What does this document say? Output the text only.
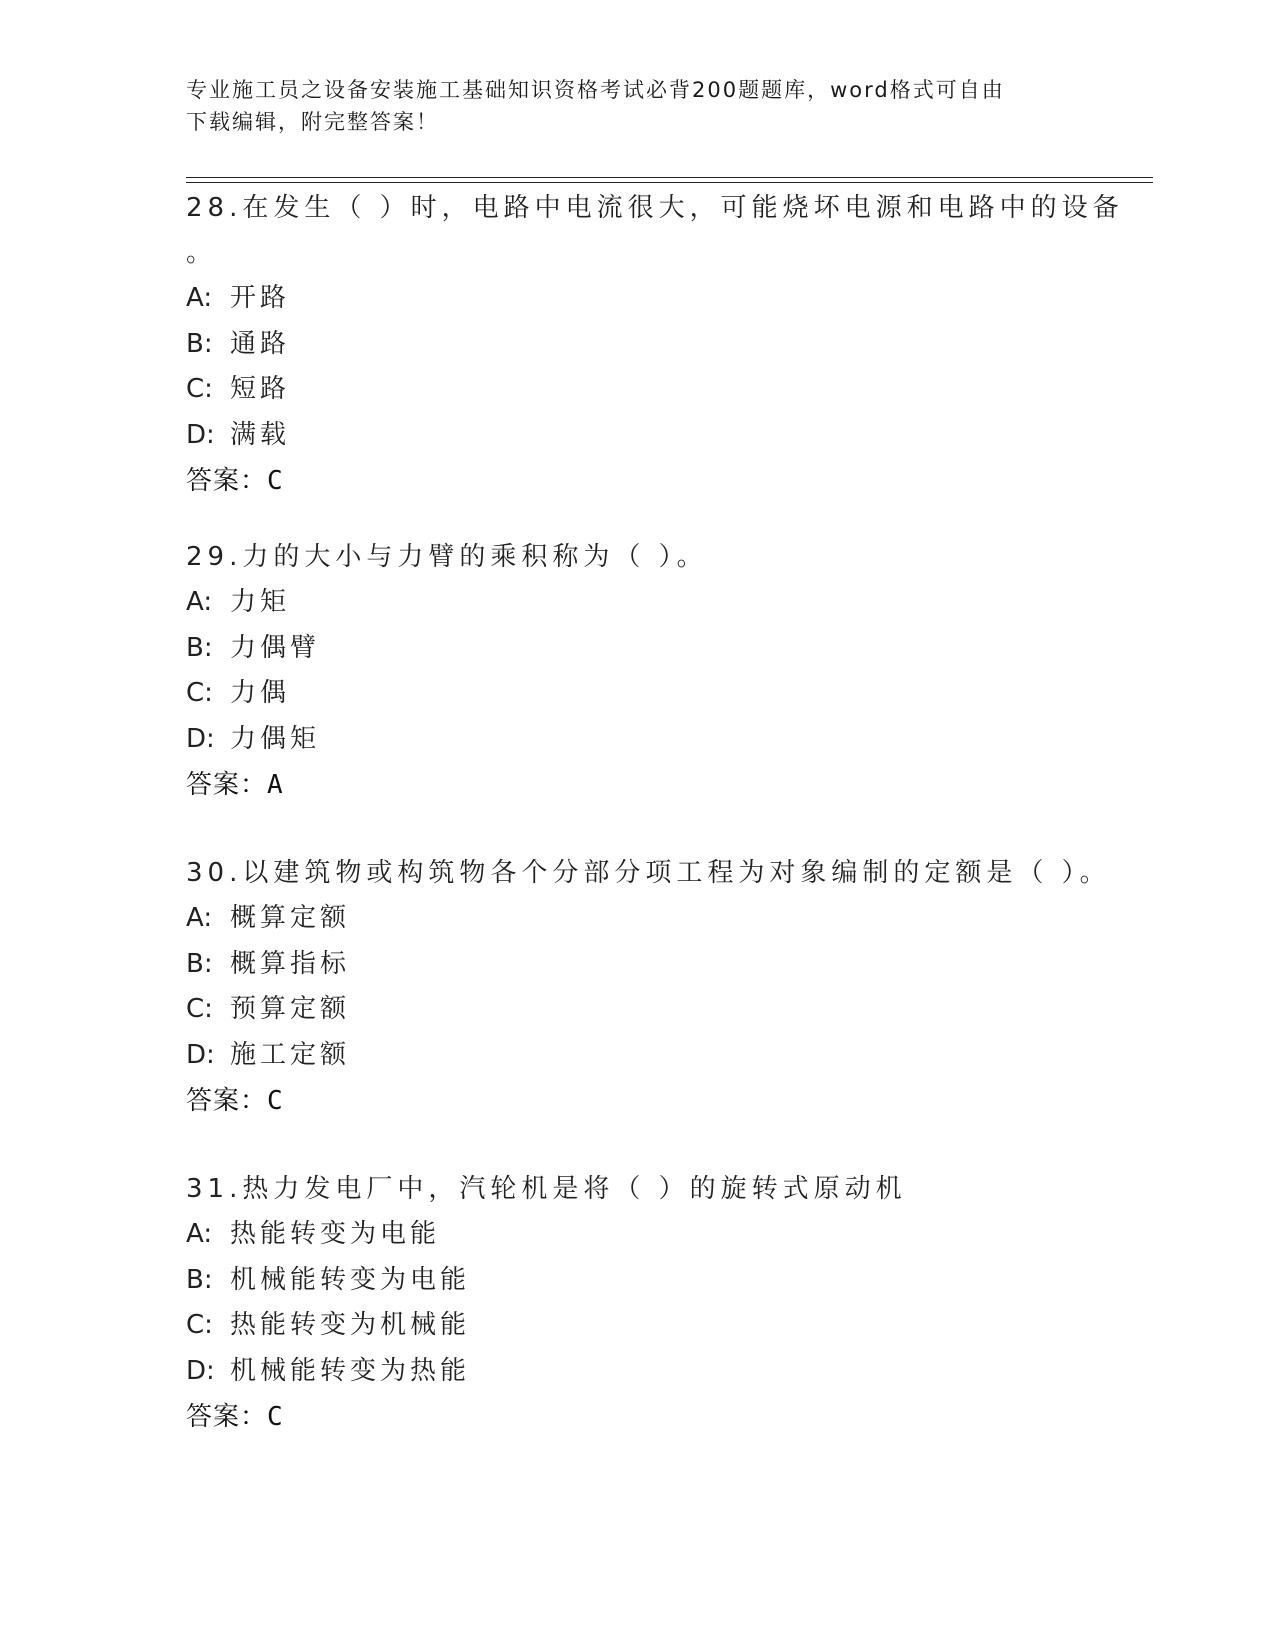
专业施工员之设备安装施工基础知识资格考试必背200题题库，word格式可自由
下载编辑，附完整答案！
28.在发生（ ）时，电路中电流很大，可能烧坏电源和电路中的设备
。
A: 开路
B: 通路
C: 短路
D: 满载
答案：C
29.力的大小与力臂的乘积称为（ ）。
A: 力矩
B: 力偶臂
C: 力偶
D: 力偶矩
答案：A
30.以建筑物或构筑物各个分部分项工程为对象编制的定额是（ ）。
A: 概算定额
B: 概算指标
C: 预算定额
D: 施工定额
答案：C
31.热力发电厂中，汽轮机是将（ ）的旋转式原动机
A: 热能转变为电能
B: 机械能转变为电能
C: 热能转变为机械能
D: 机械能转变为热能
答案：C
